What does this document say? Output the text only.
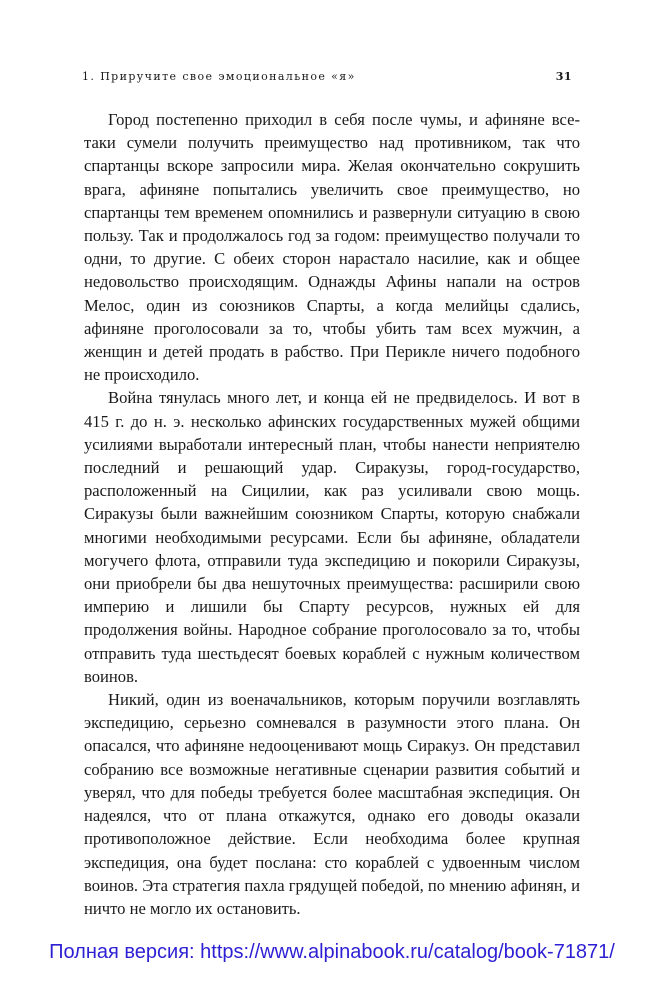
1. Приручите свое эмоциональное «я»	31

Город постепенно приходил в себя после чумы, и афиняне все-таки сумели получить преимущество над противником, так что спартанцы вскоре запросили мира. Желая окончательно сокрушить врага, афиняне попытались увеличить свое преимущество, но спартанцы тем временем опомнились и развернули ситуацию в свою пользу. Так и продолжалось год за годом: преимущество получали то одни, то другие. С обеих сторон нарастало насилие, как и общее недовольство происходящим. Однажды Афины напали на остров Мелос, один из союзников Спарты, а когда мелийцы сдались, афиняне проголосовали за то, чтобы убить там всех мужчин, а женщин и детей продать в рабство. При Перикле ничего подобного не происходило.

Война тянулась много лет, и конца ей не предвиделось. И вот в 415 г. до н. э. несколько афинских государственных мужей общими усилиями выработали интересный план, чтобы нанести неприятелю последний и решающий удар. Сиракузы, город-государство, расположенный на Сицилии, как раз усиливали свою мощь. Сиракузы были важнейшим союзником Спарты, которую снабжали многими необходимыми ресурсами. Если бы афиняне, обладатели могучего флота, отправили туда экспедицию и покорили Сиракузы, они приобрели бы два нешуточных преимущества: расширили свою империю и лишили бы Спарту ресурсов, нужных ей для продолжения войны. Народное собрание проголосовало за то, чтобы отправить туда шестьдесят боевых кораблей с нужным количеством воинов.

Никий, один из военачальников, которым поручили возглавлять экспедицию, серьезно сомневался в разумности этого плана. Он опасался, что афиняне недооценивают мощь Сиракуз. Он представил собранию все возможные негативные сценарии развития событий и уверял, что для победы требуется более масштабная экспедиция. Он надеялся, что от плана откажутся, однако его доводы оказали противоположное действие. Если необходима более крупная экспедиция, она будет послана: сто кораблей с удвоенным числом воинов. Эта стратегия пахла грядущей победой, по мнению афинян, и ничто не могло их остановить.

Полная версия: https://www.alpinabook.ru/catalog/book-71871/
